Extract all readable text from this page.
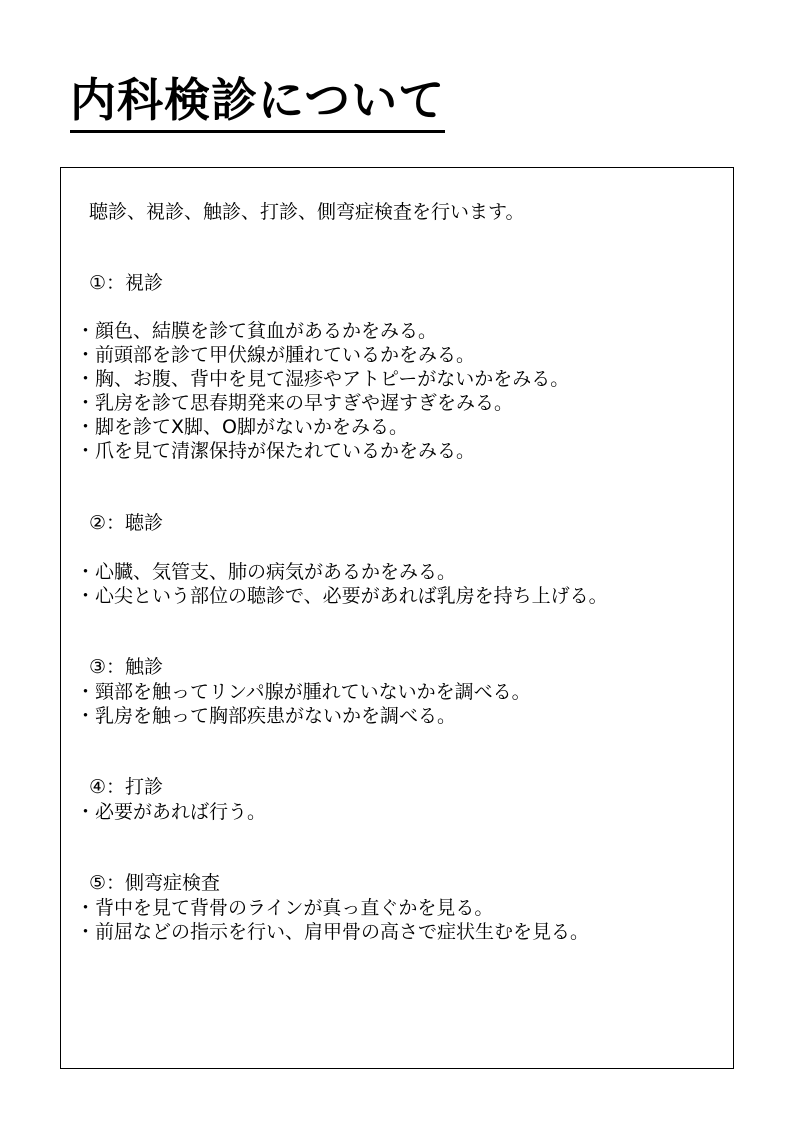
内科検診について
聴診、視診、触診、打診、側弯症検査を行います。
①：視診
・顔色、結膜を診て貧血があるかをみる。
・前頭部を診て甲伏線が腫れているかをみる。
・胸、お腹、背中を見て湿疹やアトピーがないかをみる。
・乳房を診て思春期発来の早すぎや遅すぎをみる。
・脚を診てX脚、O脚がないかをみる。
・爪を見て清潔保持が保たれているかをみる。
②：聴診
・心臓、気管支、肺の病気があるかをみる。
・心尖という部位の聴診で、必要があれば乳房を持ち上げる。
③：触診
・頸部を触ってリンパ腺が腫れていないかを調べる。
・乳房を触って胸部疾患がないかを調べる。
④：打診
・必要があれば行う。
⑤：側弯症検査
・背中を見て背骨のラインが真っ直ぐかを見る。
・前屈などの指示を行い、肩甲骨の高さで症状生むを見る。
